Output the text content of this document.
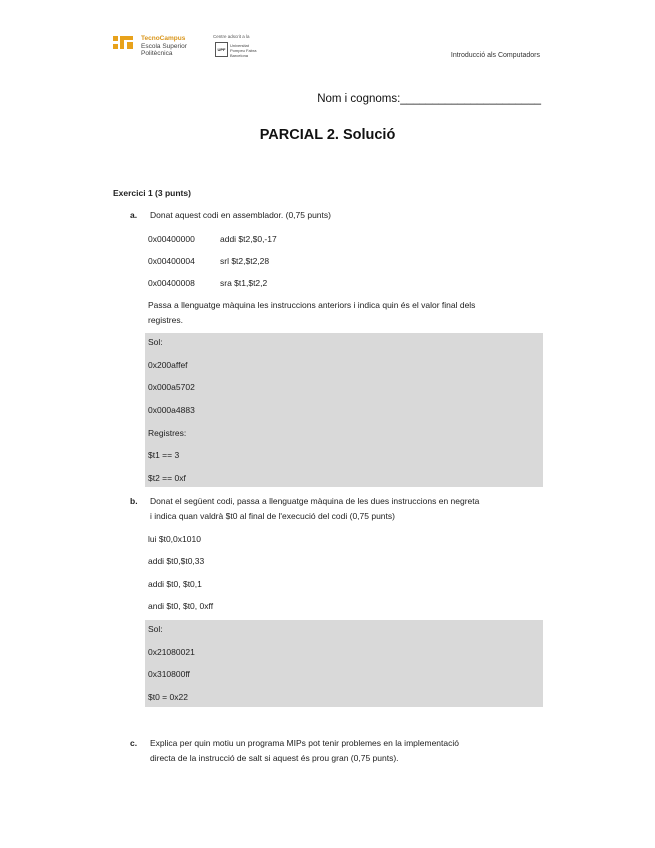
TecnoCampus
Escola Superior
Politècnica
Centre adscrit a la
UPF
Universitat
Pompeu Fabra
Barcelona	Introducció als Computadors
Nom i cognoms:______________________
PARCIAL 2. Solució
Exercici 1 (3 punts)
a. Donat aquest codi en assemblador. (0,75 punts)
0x00400000	addi $t2,$0,-17
0x00400004	srl $t2,$t2,28
0x00400008	sra $t1,$t2,2
Passa a llenguatge màquina les instruccions anteriors i indica quin és el valor final dels
registres.
Sol:
0x200affef
0x000a5702
0x000a4883
Registres:
$t1 == 3
$t2 == 0xf
b. Donat el següent codi, passa a llenguatge màquina de les dues instruccions en negreta
i indica quan valdrà $t0 al final de l'execució del codi (0,75 punts)
lui $t0,0x1010
addi $t0,$t0,33
addi $t0, $t0,1
andi $t0, $t0, 0xff
Sol:
0x21080021
0x310800ff
$t0 = 0x22
c. Explica per quin motiu un programa MIPs pot tenir problemes en la implementació
directa de la instrucció de salt si aquest és prou gran (0,75 punts).
